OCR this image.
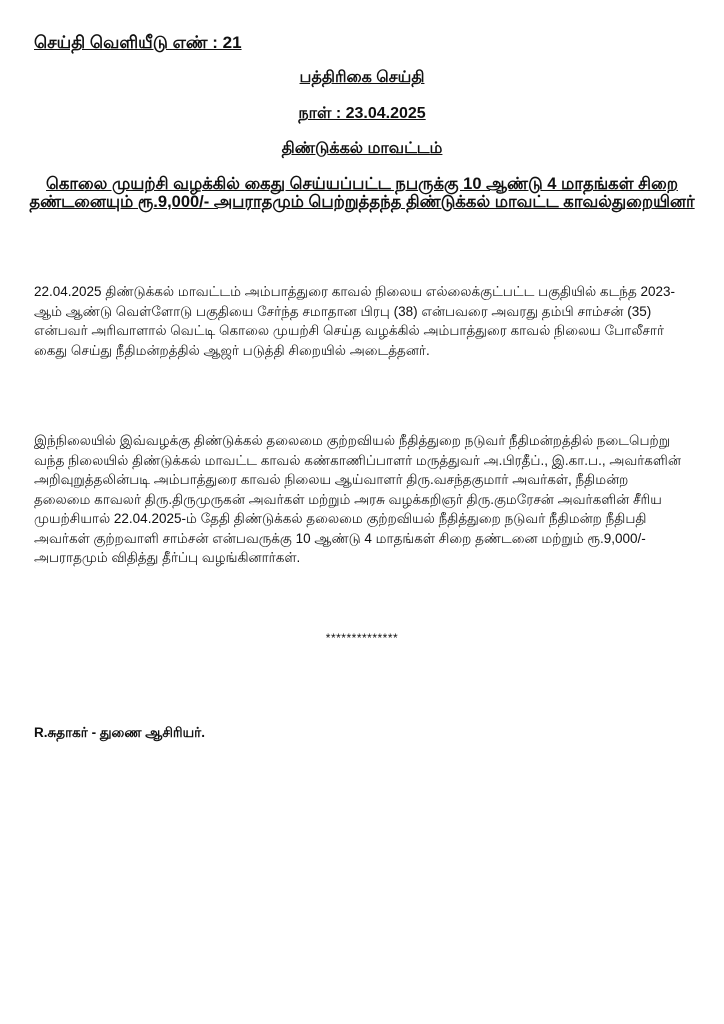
செய்தி வெளியீடு எண் : 21
பத்திரிகை செய்தி
நாள் : 23.04.2025
திண்டுக்கல் மாவட்டம்
கொலை முயற்சி வழக்கில் கைது செய்யப்பட்ட நபருக்கு 10 ஆண்டு 4 மாதங்கள் சிறை தண்டனையும் ரூ.9,000/- அபராதமும் பெற்றுத்தந்த திண்டுக்கல் மாவட்ட காவல்துறையினர்

22.04.2025 திண்டுக்கல் மாவட்டம் அம்பாத்துரை காவல் நிலைய எல்லைக்குட்பட்ட பகுதியில் கடந்த 2023-ஆம் ஆண்டு வெள்ளோடு பகுதியை சேர்ந்த சமாதான பிரபு (38) என்பவரை அவரது தம்பி சாம்சன் (35) என்பவர் அரிவாளால் வெட்டி கொலை முயற்சி செய்த வழக்கில் அம்பாத்துரை காவல் நிலைய போலீசார் கைது செய்து நீதிமன்றத்தில் ஆஜர் படுத்தி சிறையில் அடைத்தனர்.

இந்நிலையில் இவ்வழக்கு திண்டுக்கல் தலைமை குற்றவியல் நீதித்துறை நடுவர் நீதிமன்றத்தில் நடைபெற்று வந்த நிலையில் திண்டுக்கல் மாவட்ட காவல் கண்காணிப்பாளர் மருத்துவர் அ.பிரதீப்., இ.கா.ப., அவர்களின் அறிவுறுத்தலின்படி அம்பாத்துரை காவல் நிலைய ஆய்வாளர் திரு.வசந்தகுமார் அவர்கள், நீதிமன்ற தலைமை காவலர் திரு.திருமுருகன் அவர்கள் மற்றும் அரசு வழக்கறிஞர் திரு.குமரேசன் அவர்களின் சீரிய முயற்சியால் 22.04.2025-ம் தேதி திண்டுக்கல் தலைமை குற்றவியல் நீதித்துறை நடுவர் நீதிமன்ற நீதிபதி அவர்கள் குற்றவாளி சாம்சன் என்பவருக்கு 10 ஆண்டு 4 மாதங்கள் சிறை தண்டனை மற்றும் ரூ.9,000/- அபராதமும் விதித்து தீர்ப்பு வழங்கினார்கள்.

**************
R.சுதாகர் - துணை ஆசிரியர்.
